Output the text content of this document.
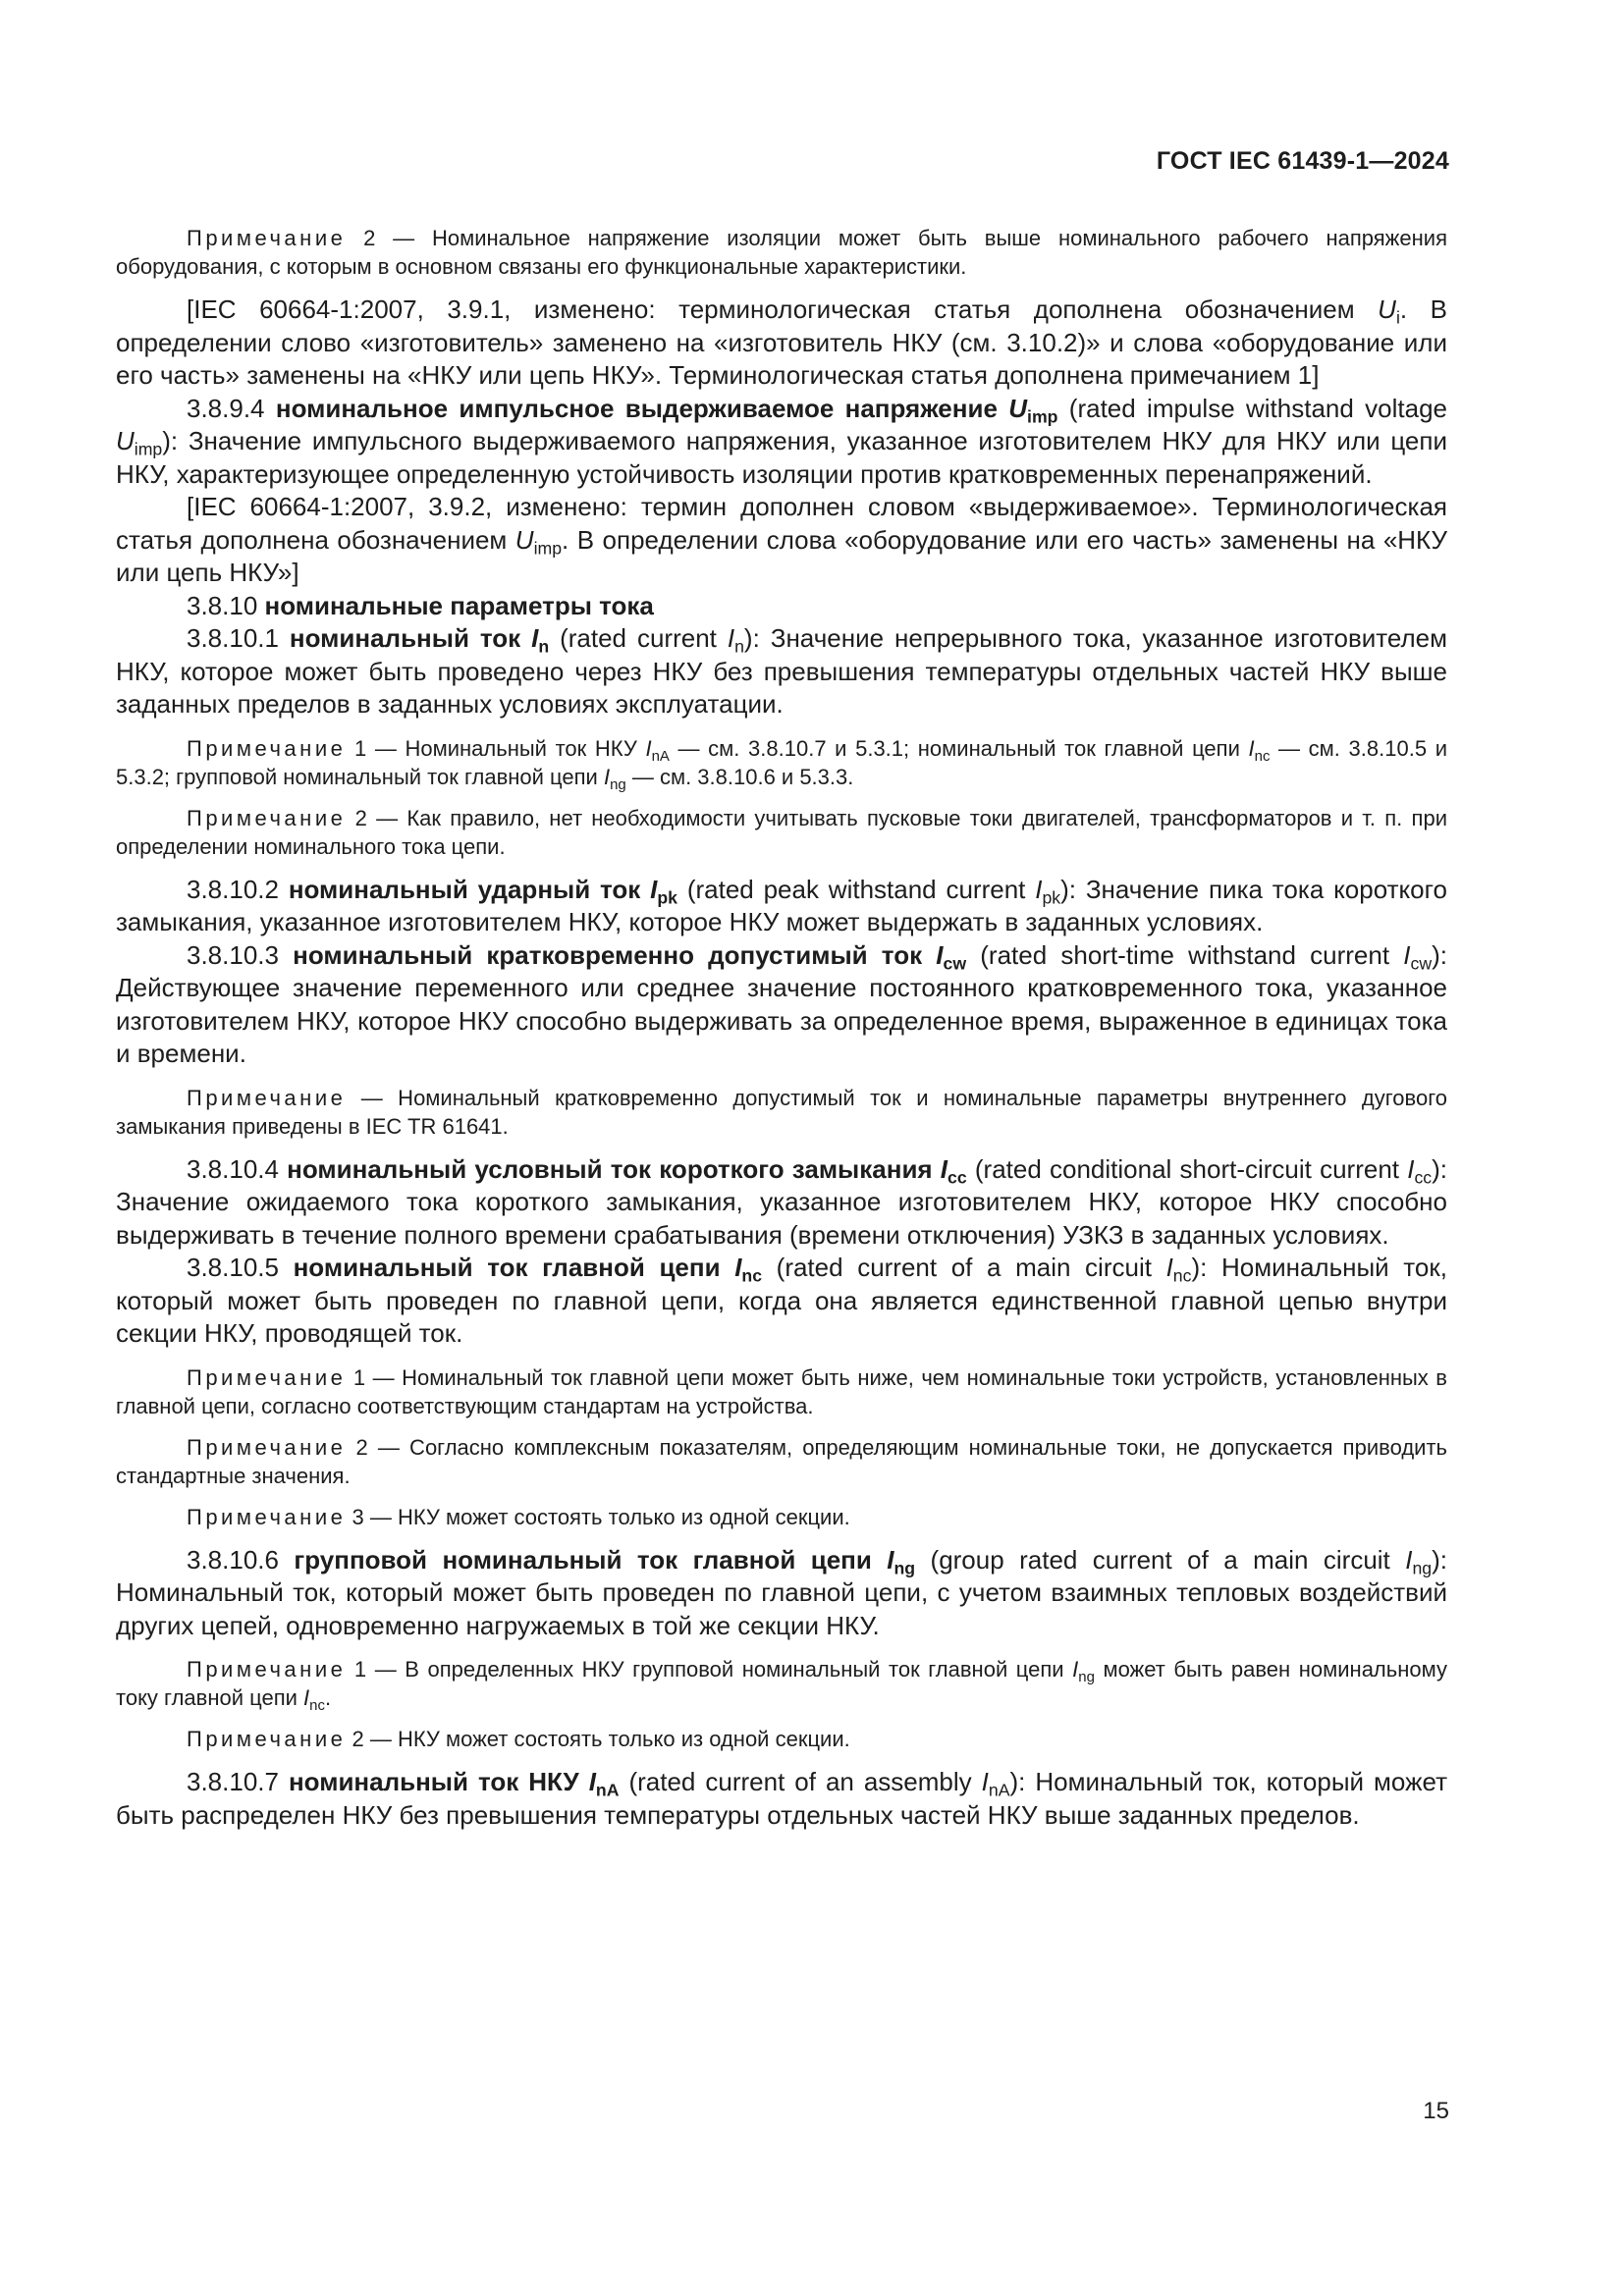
ГОСТ IEC 61439-1—2024

Примечание 2 — Номинальное напряжение изоляции может быть выше номинального рабочего напряжения оборудования, с которым в основном связаны его функциональные характеристики.

[IEC 60664-1:2007, 3.9.1, изменено: терминологическая статья дополнена обозначением $U_i$. В определении слово «изготовитель» заменено на «изготовитель НКУ (см. 3.10.2)» и слова «оборудование или его часть» заменены на «НКУ или цепь НКУ». Терминологическая статья дополнена примечанием 1]

3.8.9.4 номинальное импульсное выдерживаемое напряжение $U_{imp}$ (rated impulse withstand voltage $U_{imp}$): Значение импульсного выдерживаемого напряжения, указанное изготовителем НКУ для НКУ или цепи НКУ, характеризующее определенную устойчивость изоляции против кратковременных перенапряжений.

[IEC 60664-1:2007, 3.9.2, изменено: термин дополнен словом «выдерживаемое». Терминологическая статья дополнена обозначением $U_{imp}$. В определении слова «оборудование или его часть» заменены на «НКУ или цепь НКУ»]

3.8.10 номинальные параметры тока

3.8.10.1 номинальный ток $I_n$ (rated current $I_n$): Значение непрерывного тока, указанное изготовителем НКУ, которое может быть проведено через НКУ без превышения температуры отдельных частей НКУ выше заданных пределов в заданных условиях эксплуатации.

Примечание 1 — Номинальный ток НКУ $I_{nA}$ — см. 3.8.10.7 и 5.3.1; номинальный ток главной цепи $I_{nc}$ — см. 3.8.10.5 и 5.3.2; групповой номинальный ток главной цепи $I_{ng}$ — см. 3.8.10.6 и 5.3.3.

Примечание 2 — Как правило, нет необходимости учитывать пусковые токи двигателей, трансформаторов и т. п. при определении номинального тока цепи.

3.8.10.2 номинальный ударный ток $I_{pk}$ (rated peak withstand current $I_{pk}$): Значение пика тока короткого замыкания, указанное изготовителем НКУ, которое НКУ может выдержать в заданных условиях.

3.8.10.3 номинальный кратковременно допустимый ток $I_{cw}$ (rated short-time withstand current $I_{cw}$): Действующее значение переменного или среднее значение постоянного кратковременного тока, указанное изготовителем НКУ, которое НКУ способно выдерживать за определенное время, выраженное в единицах тока и времени.

Примечание — Номинальный кратковременно допустимый ток и номинальные параметры внутреннего дугового замыкания приведены в IEC TR 61641.

3.8.10.4 номинальный условный ток короткого замыкания $I_{cc}$ (rated conditional short-circuit current $I_{cc}$): Значение ожидаемого тока короткого замыкания, указанное изготовителем НКУ, которое НКУ способно выдерживать в течение полного времени срабатывания (времени отключения) УЗКЗ в заданных условиях.

3.8.10.5 номинальный ток главной цепи $I_{nc}$ (rated current of a main circuit $I_{nc}$): Номинальный ток, который может быть проведен по главной цепи, когда она является единственной главной цепью внутри секции НКУ, проводящей ток.

Примечание 1 — Номинальный ток главной цепи может быть ниже, чем номинальные токи устройств, установленных в главной цепи, согласно соответствующим стандартам на устройства.

Примечание 2 — Согласно комплексным показателям, определяющим номинальные токи, не допускается приводить стандартные значения.

Примечание 3 — НКУ может состоять только из одной секции.

3.8.10.6 групповой номинальный ток главной цепи $I_{ng}$ (group rated current of a main circuit $I_{ng}$): Номинальный ток, который может быть проведен по главной цепи, с учетом взаимных тепловых воздействий других цепей, одновременно нагружаемых в той же секции НКУ.

Примечание 1 — В определенных НКУ групповой номинальный ток главной цепи $I_{ng}$ может быть равен номинальному току главной цепи $I_{nc}$.

Примечание 2 — НКУ может состоять только из одной секции.

3.8.10.7 номинальный ток НКУ $I_{nA}$ (rated current of an assembly $I_{nA}$): Номинальный ток, который может быть распределен НКУ без превышения температуры отдельных частей НКУ выше заданных пределов.

15
